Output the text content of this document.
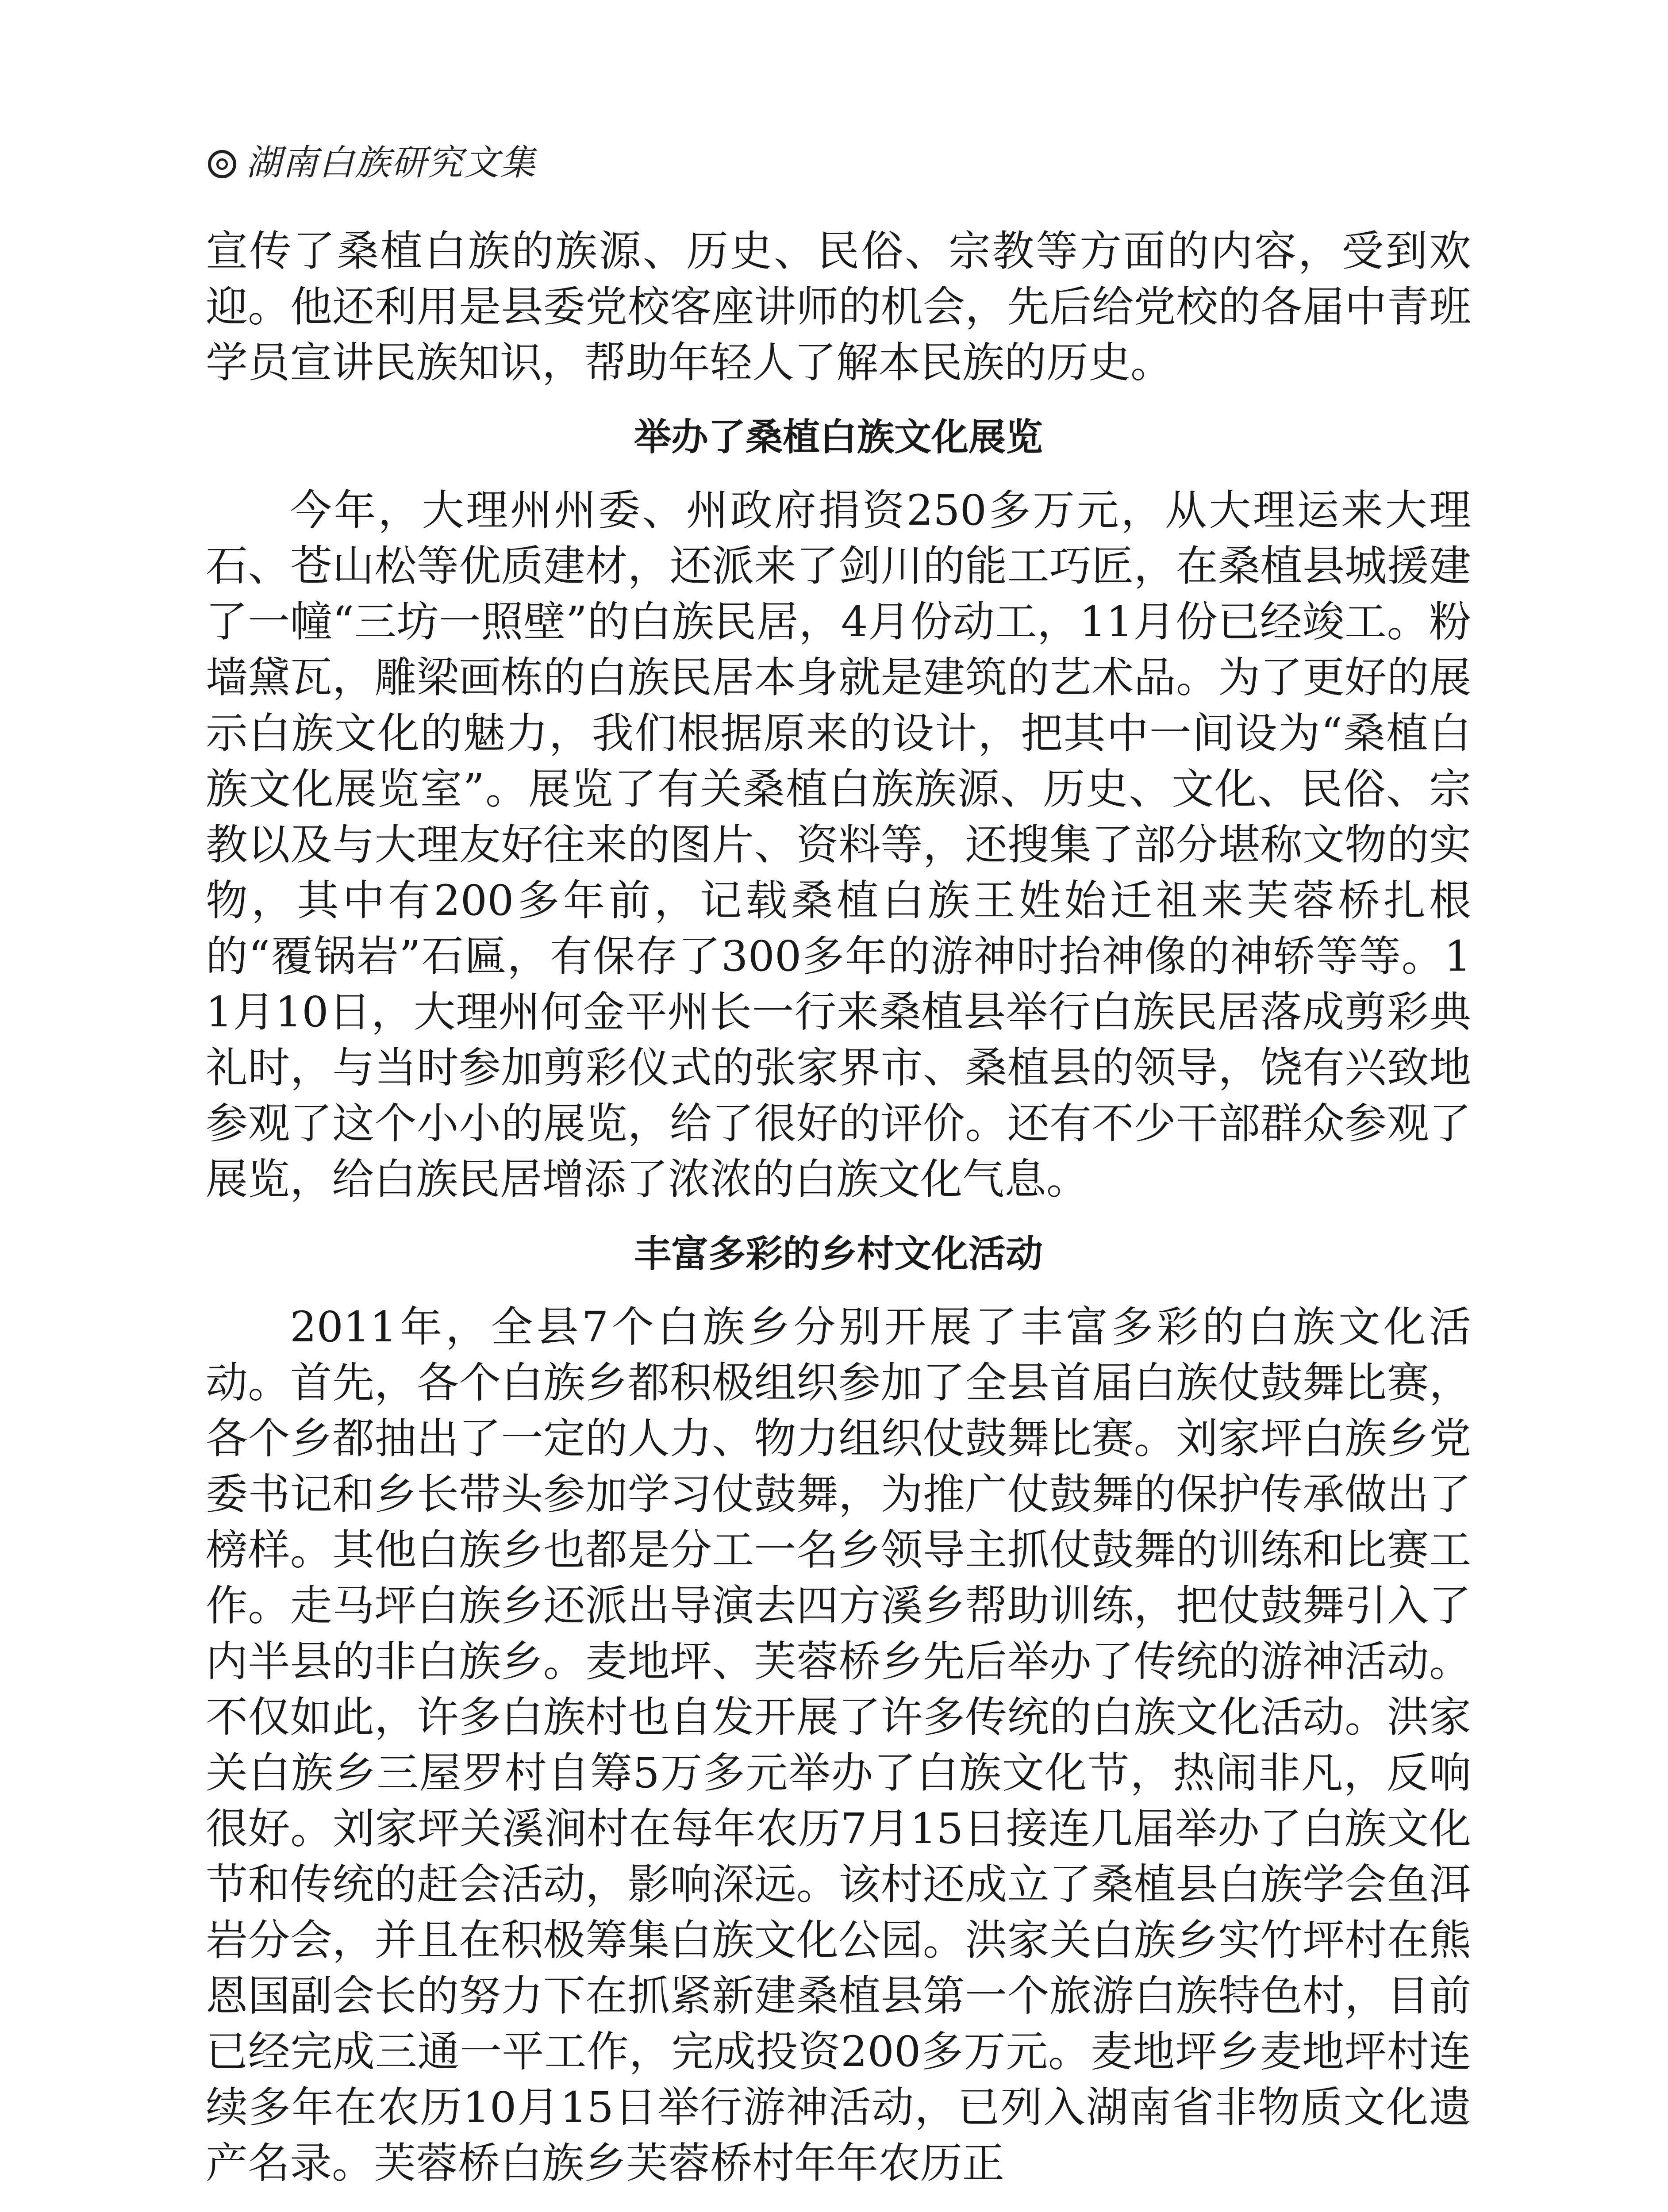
湖南白族研究文集

宣传了桑植白族的族源、历史、民俗、宗教等方面的内容，受到欢迎。他还利用是县委党校客座讲师的机会，先后给党校的各届中青班学员宣讲民族知识，帮助年轻人了解本民族的历史。

举办了桑植白族文化展览

今年，大理州州委、州政府捐资250多万元，从大理运来大理石、苍山松等优质建材，还派来了剑川的能工巧匠，在桑植县城援建了一幢“三坊一照壁”的白族民居，4月份动工，11月份已经竣工。粉墙黛瓦，雕梁画栋的白族民居本身就是建筑的艺术品。为了更好的展示白族文化的魅力，我们根据原来的设计，把其中一间设为“桑植白族文化展览室”。展览了有关桑植白族族源、历史、文化、民俗、宗教以及与大理友好往来的图片、资料等，还搜集了部分堪称文物的实物，其中有200多年前，记载桑植白族王姓始迁祖来芙蓉桥扎根的“覆锅岩”石匾，有保存了300多年的游神时抬神像的神轿等等。11月10日，大理州何金平州长一行来桑植县举行白族民居落成剪彩典礼时，与当时参加剪彩仪式的张家界市、桑植县的领导，饶有兴致地参观了这个小小的展览，给了很好的评价。还有不少干部群众参观了展览，给白族民居增添了浓浓的白族文化气息。

丰富多彩的乡村文化活动

2011年，全县7个白族乡分别开展了丰富多彩的白族文化活动。首先，各个白族乡都积极组织参加了全县首届白族仗鼓舞比赛，各个乡都抽出了一定的人力、物力组织仗鼓舞比赛。刘家坪白族乡党委书记和乡长带头参加学习仗鼓舞，为推广仗鼓舞的保护传承做出了榜样。其他白族乡也都是分工一名乡领导主抓仗鼓舞的训练和比赛工作。走马坪白族乡还派出导演去四方溪乡帮助训练，把仗鼓舞引入了内半县的非白族乡。麦地坪、芙蓉桥乡先后举办了传统的游神活动。不仅如此，许多白族村也自发开展了许多传统的白族文化活动。洪家关白族乡三屋罗村自筹5万多元举办了白族文化节，热闹非凡，反响很好。刘家坪关溪涧村在每年农历7月15日接连几届举办了白族文化节和传统的赶会活动，影响深远。该村还成立了桑植县白族学会鱼洱岩分会，并且在积极筹集白族文化公园。洪家关白族乡实竹坪村在熊恩国副会长的努力下在抓紧新建桑植县第一个旅游白族特色村，目前已经完成三通一平工作，完成投资200多万元。麦地坪乡麦地坪村连续多年在农历10月15日举行游神活动，已列入湖南省非物质文化遗产名录。芙蓉桥白族乡芙蓉桥村年年农历正
